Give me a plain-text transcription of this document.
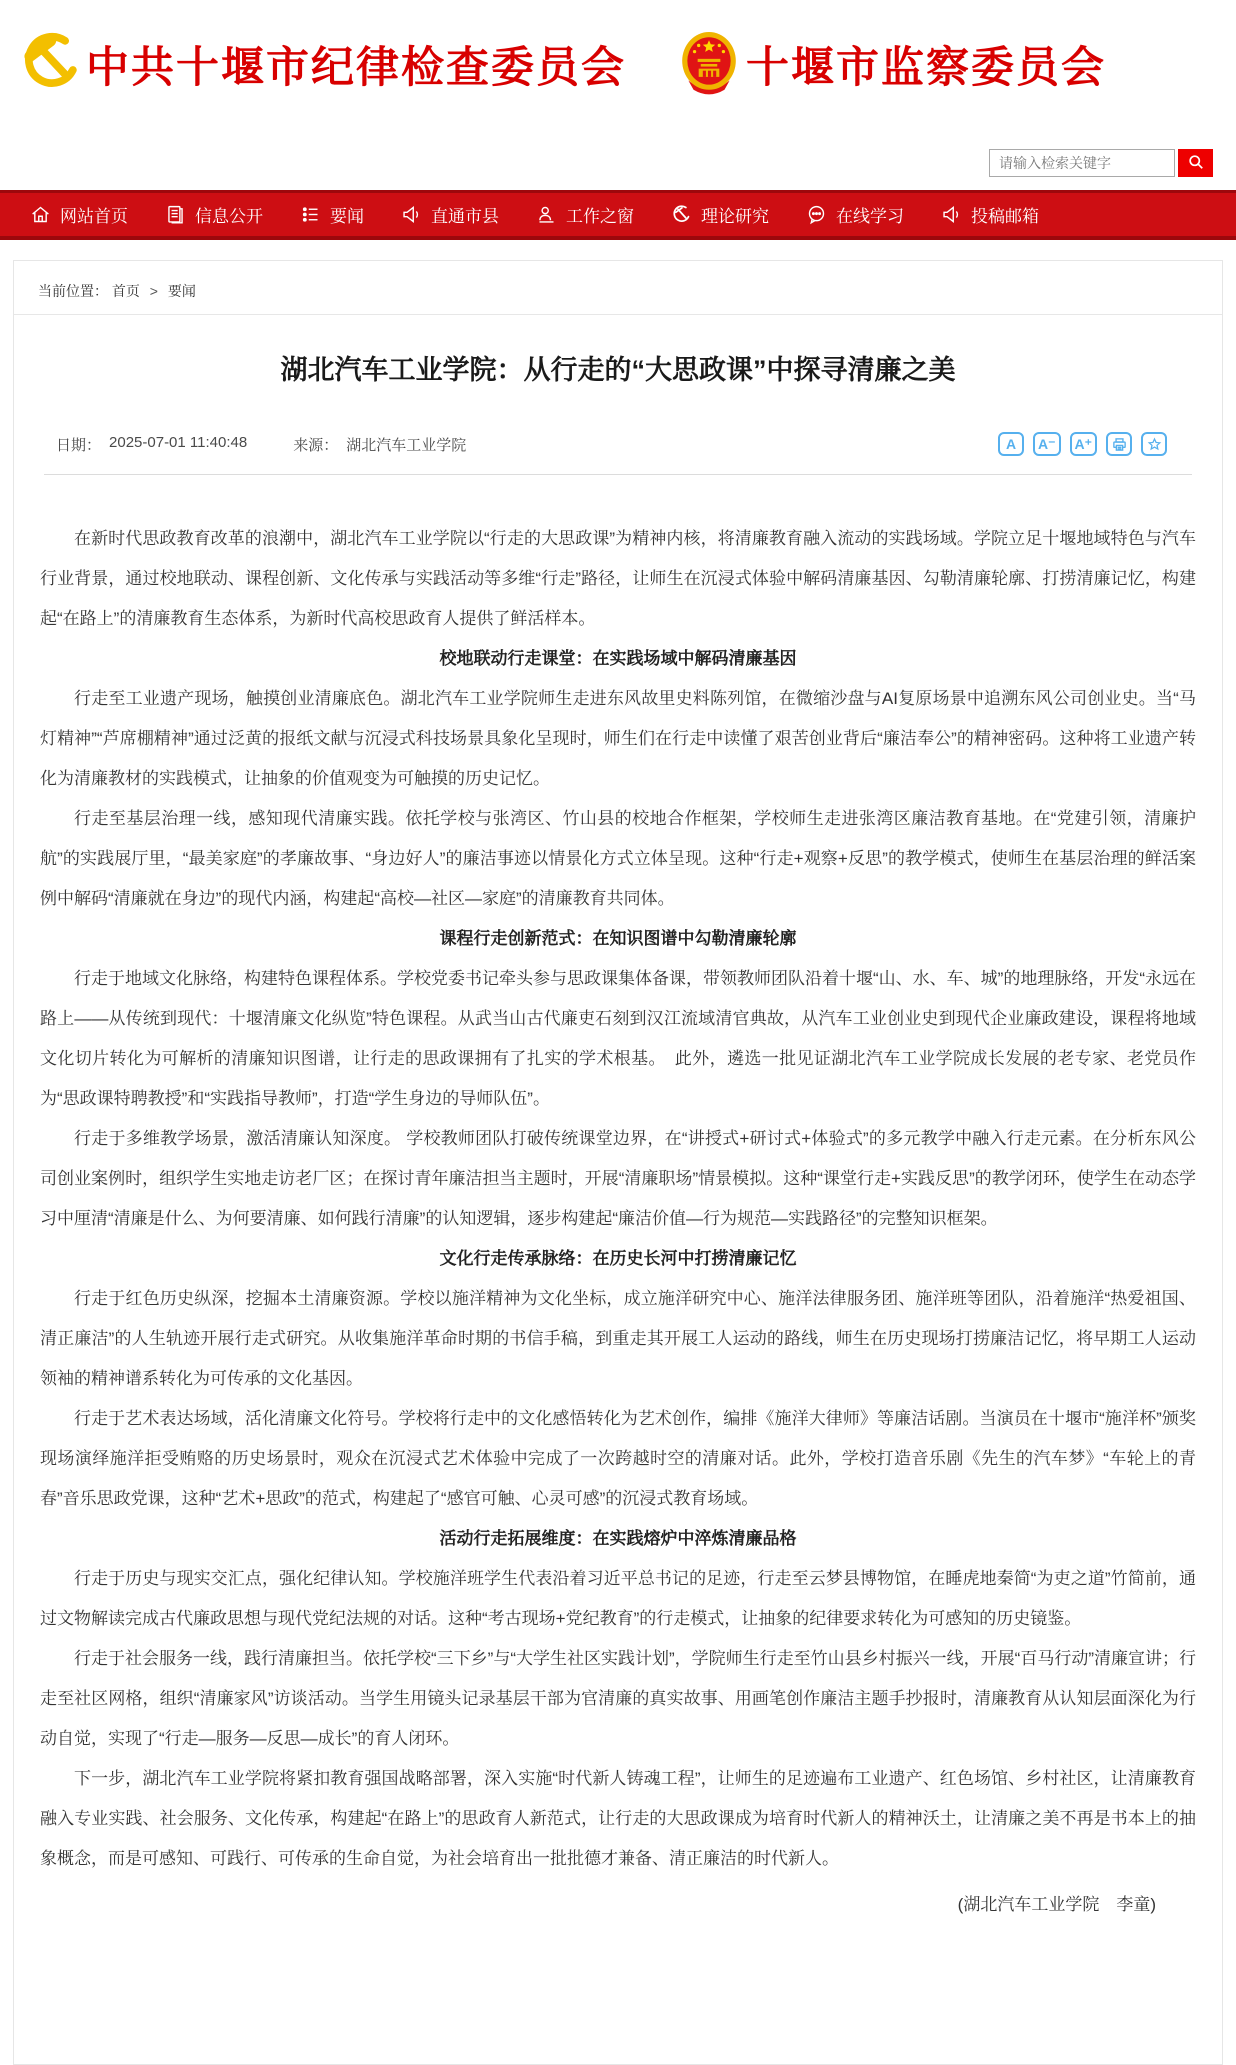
中共十堰市纪律检查委员会	十堰市监察委员会
请输入检索关键字
网站首页	信息公开	要闻	直通市县	工作之窗	理论研究	在线学习	投稿邮箱
当前位置： 首页 > 要闻
湖北汽车工业学院：从行走的“大思政课”中探寻清廉之美
日期： 2025-07-01 11:40:48	来源： 湖北汽车工业学院	A	A⁻	A⁺

在新时代思政教育改革的浪潮中，湖北汽车工业学院以“行走的大思政课”为精神内核，将清廉教育融入流动的实践场域。学院立足十堰地域特色与汽车行业背景，通过校地联动、课程创新、文化传承与实践活动等多维“行走”路径，让师生在沉浸式体验中解码清廉基因、勾勒清廉轮廓、打捞清廉记忆，构建起“在路上”的清廉教育生态体系，为新时代高校思政育人提供了鲜活样本。

校地联动行走课堂：在实践场域中解码清廉基因

行走至工业遗产现场，触摸创业清廉底色。湖北汽车工业学院师生走进东风故里史料陈列馆，在微缩沙盘与AI复原场景中追溯东风公司创业史。当“马灯精神”“芦席棚精神”通过泛黄的报纸文献与沉浸式科技场景具象化呈现时，师生们在行走中读懂了艰苦创业背后“廉洁奉公”的精神密码。这种将工业遗产转化为清廉教材的实践模式，让抽象的价值观变为可触摸的历史记忆。

行走至基层治理一线，感知现代清廉实践。依托学校与张湾区、竹山县的校地合作框架，学校师生走进张湾区廉洁教育基地。在“党建引领，清廉护航”的实践展厅里，“最美家庭”的孝廉故事、“身边好人”的廉洁事迹以情景化方式立体呈现。这种“行走+观察+反思”的教学模式，使师生在基层治理的鲜活案例中解码“清廉就在身边”的现代内涵，构建起“高校—社区—家庭”的清廉教育共同体。

课程行走创新范式：在知识图谱中勾勒清廉轮廓

行走于地域文化脉络，构建特色课程体系。学校党委书记牵头参与思政课集体备课，带领教师团队沿着十堰“山、水、车、城”的地理脉络，开发“永远在路上——从传统到现代：十堰清廉文化纵览”特色课程。从武当山古代廉吏石刻到汉江流域清官典故，从汽车工业创业史到现代企业廉政建设，课程将地域文化切片转化为可解析的清廉知识图谱，让行走的思政课拥有了扎实的学术根基。　此外，遴选一批见证湖北汽车工业学院成长发展的老专家、老党员作为“思政课特聘教授”和“实践指导教师”，打造“学生身边的导师队伍”。

行走于多维教学场景，激活清廉认知深度。 学校教师团队打破传统课堂边界，在“讲授式+研讨式+体验式”的多元教学中融入行走元素。在分析东风公司创业案例时，组织学生实地走访老厂区；在探讨青年廉洁担当主题时，开展“清廉职场”情景模拟。这种“课堂行走+实践反思”的教学闭环，使学生在动态学习中厘清“清廉是什么、为何要清廉、如何践行清廉”的认知逻辑，逐步构建起“廉洁价值—行为规范—实践路径”的完整知识框架。

文化行走传承脉络：在历史长河中打捞清廉记忆

行走于红色历史纵深，挖掘本土清廉资源。学校以施洋精神为文化坐标，成立施洋研究中心、施洋法律服务团、施洋班等团队，沿着施洋“热爱祖国、清正廉洁”的人生轨迹开展行走式研究。从收集施洋革命时期的书信手稿，到重走其开展工人运动的路线，师生在历史现场打捞廉洁记忆，将早期工人运动领袖的精神谱系转化为可传承的文化基因。

行走于艺术表达场域，活化清廉文化符号。学校将行走中的文化感悟转化为艺术创作，编排《施洋大律师》等廉洁话剧。当演员在十堰市“施洋杯”颁奖现场演绎施洋拒受贿赂的历史场景时，观众在沉浸式艺术体验中完成了一次跨越时空的清廉对话。此外，学校打造音乐剧《先生的汽车梦》“车轮上的青春”音乐思政党课，这种“艺术+思政”的范式，构建起了“感官可触、心灵可感”的沉浸式教育场域。

活动行走拓展维度：在实践熔炉中淬炼清廉品格

行走于历史与现实交汇点，强化纪律认知。学校施洋班学生代表沿着习近平总书记的足迹，行走至云梦县博物馆，在睡虎地秦简“为吏之道”竹简前，通过文物解读完成古代廉政思想与现代党纪法规的对话。这种“考古现场+党纪教育”的行走模式，让抽象的纪律要求转化为可感知的历史镜鉴。

行走于社会服务一线，践行清廉担当。依托学校“三下乡”与“大学生社区实践计划”，学院师生行走至竹山县乡村振兴一线，开展“百马行动”清廉宣讲；行走至社区网格，组织“清廉家风”访谈活动。当学生用镜头记录基层干部为官清廉的真实故事、用画笔创作廉洁主题手抄报时，清廉教育从认知层面深化为行动自觉，实现了“行走—服务—反思—成长”的育人闭环。

下一步，湖北汽车工业学院将紧扣教育强国战略部署，深入实施“时代新人铸魂工程”，让师生的足迹遍布工业遗产、红色场馆、乡村社区，让清廉教育融入专业实践、社会服务、文化传承，构建起“在路上”的思政育人新范式，让行走的大思政课成为培育时代新人的精神沃土，让清廉之美不再是书本上的抽象概念，而是可感知、可践行、可传承的生命自觉，为社会培育出一批批德才兼备、清正廉洁的时代新人。

(湖北汽车工业学院　李童)
